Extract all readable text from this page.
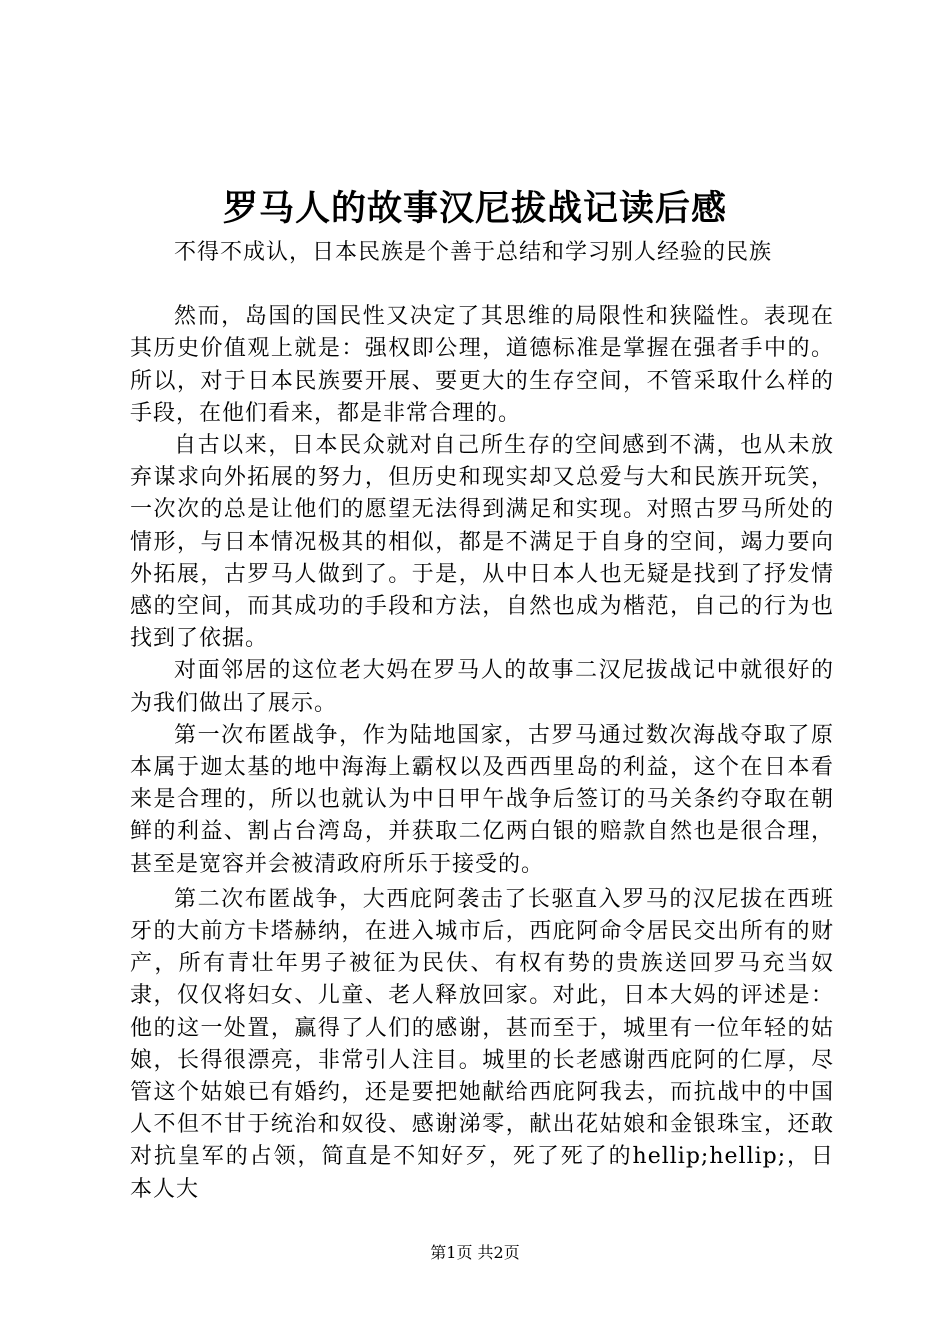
罗马人的故事汉尼拔战记读后感

不得不成认，日本民族是个善于总结和学习别人经验的民族

然而，岛国的国民性又决定了其思维的局限性和狭隘性。表现在其历史价值观上就是：强权即公理，道德标准是掌握在强者手中的。所以，对于日本民族要开展、要更大的生存空间，不管采取什么样的手段，在他们看来，都是非常合理的。

自古以来，日本民众就对自己所生存的空间感到不满，也从未放弃谋求向外拓展的努力，但历史和现实却又总爱与大和民族开玩笑，一次次的总是让他们的愿望无法得到满足和实现。对照古罗马所处的情形，与日本情况极其的相似，都是不满足于自身的空间，竭力要向外拓展，古罗马人做到了。于是，从中日本人也无疑是找到了抒发情感的空间，而其成功的手段和方法，自然也成为楷范，自己的行为也找到了依据。

对面邻居的这位老大妈在罗马人的故事二汉尼拔战记中就很好的为我们做出了展示。

第一次布匿战争，作为陆地国家，古罗马通过数次海战夺取了原本属于迦太基的地中海海上霸权以及西西里岛的利益，这个在日本看来是合理的，所以也就认为中日甲午战争后签订的马关条约夺取在朝鲜的利益、割占台湾岛，并获取二亿两白银的赔款自然也是很合理，甚至是宽容并会被清政府所乐于接受的。

第二次布匿战争，大西庇阿袭击了长驱直入罗马的汉尼拔在西班牙的大前方卡塔赫纳，在进入城市后，西庇阿命令居民交出所有的财产，所有青壮年男子被征为民伕、有权有势的贵族送回罗马充当奴隶，仅仅将妇女、儿童、老人释放回家。对此，日本大妈的评述是：他的这一处置，赢得了人们的感谢，甚而至于，城里有一位年轻的姑娘，长得很漂亮，非常引人注目。城里的长老感谢西庇阿的仁厚，尽管这个姑娘已有婚约，还是要把她献给西庇阿我去，而抗战中的中国人不但不甘于统治和奴役、感谢涕零，献出花姑娘和金银珠宝，还敢对抗皇军的占领，简直是不知好歹，死了死了的hellip;hellip;，日本人大

第1页 共2页
